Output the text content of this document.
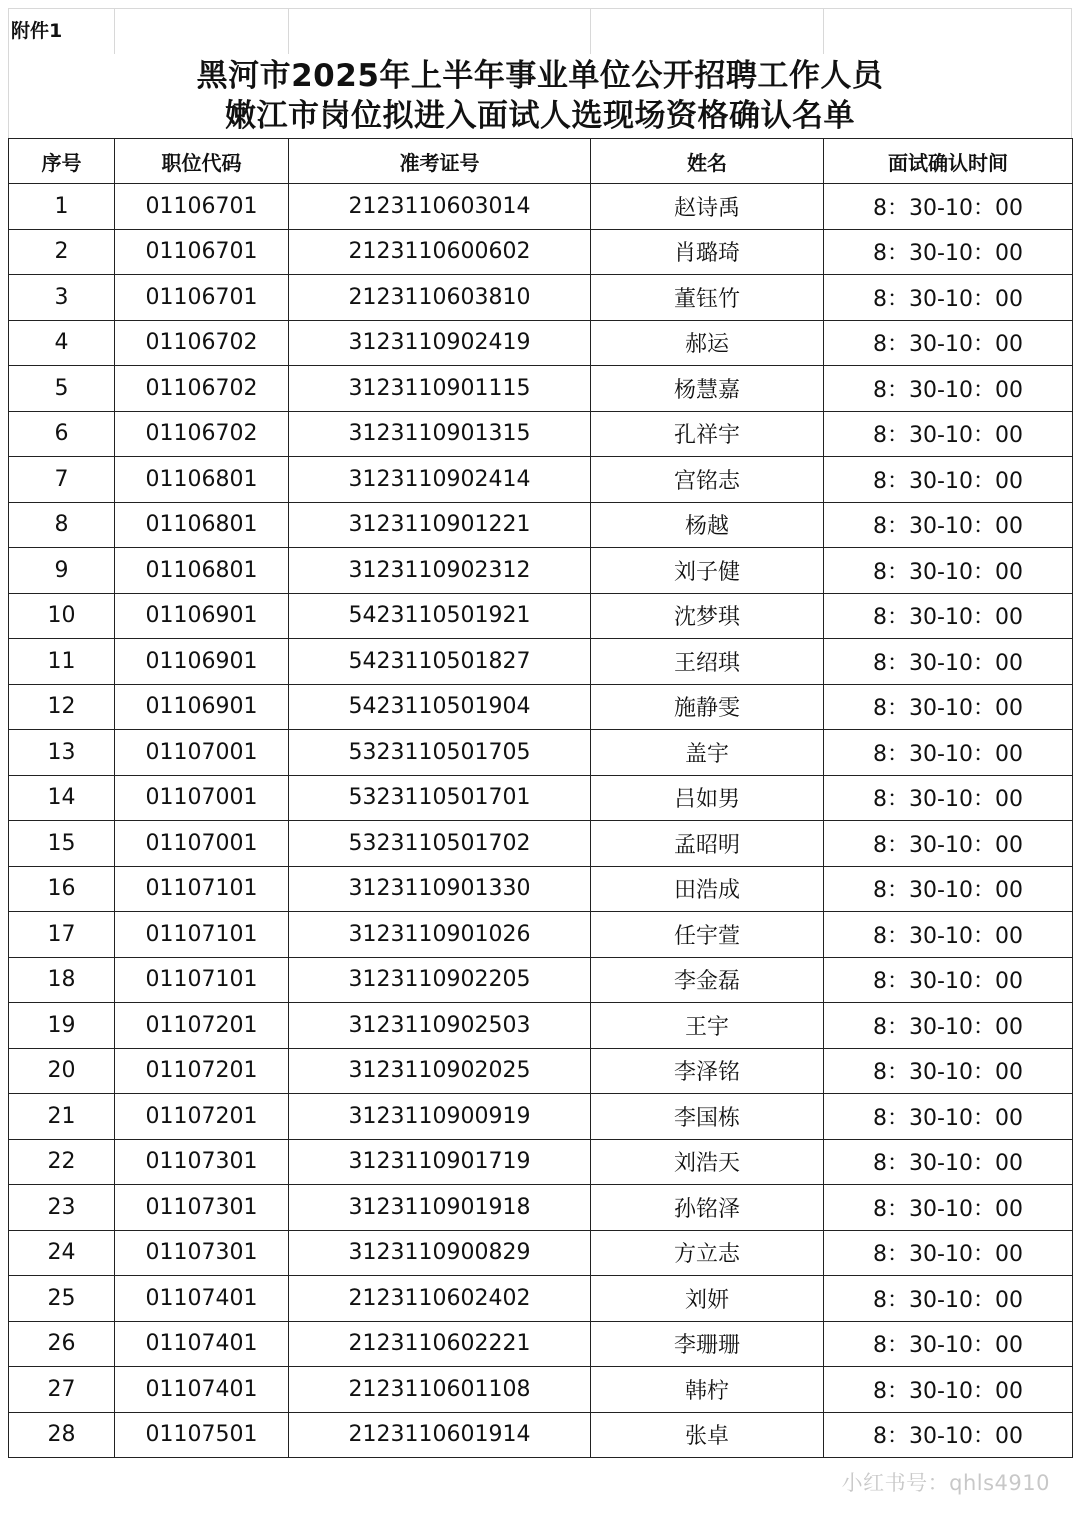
附件1
黑河市2025年上半年事业单位公开招聘工作人员
嫩江市岗位拟进入面试人选现场资格确认名单
序号	职位代码	准考证号	姓名	面试确认时间
1	01106701	2123110603014	赵诗禹	8：30-10：00
2	01106701	2123110600602	肖璐琦	8：30-10：00
3	01106701	2123110603810	董钰竹	8：30-10：00
4	01106702	3123110902419	郝运	8：30-10：00
5	01106702	3123110901115	杨慧嘉	8：30-10：00
6	01106702	3123110901315	孔祥宇	8：30-10：00
7	01106801	3123110902414	宫铭志	8：30-10：00
8	01106801	3123110901221	杨越	8：30-10：00
9	01106801	3123110902312	刘子健	8：30-10：00
10	01106901	5423110501921	沈梦琪	8：30-10：00
11	01106901	5423110501827	王绍琪	8：30-10：00
12	01106901	5423110501904	施静雯	8：30-10：00
13	01107001	5323110501705	盖宇	8：30-10：00
14	01107001	5323110501701	吕如男	8：30-10：00
15	01107001	5323110501702	孟昭明	8：30-10：00
16	01107101	3123110901330	田浩成	8：30-10：00
17	01107101	3123110901026	任宇萱	8：30-10：00
18	01107101	3123110902205	李金磊	8：30-10：00
19	01107201	3123110902503	王宇	8：30-10：00
20	01107201	3123110902025	李泽铭	8：30-10：00
21	01107201	3123110900919	李国栋	8：30-10：00
22	01107301	3123110901719	刘浩天	8：30-10：00
23	01107301	3123110901918	孙铭泽	8：30-10：00
24	01107301	3123110900829	方立志	8：30-10：00
25	01107401	2123110602402	刘妍	8：30-10：00
26	01107401	2123110602221	李珊珊	8：30-10：00
27	01107401	2123110601108	韩柠	8：30-10：00
28	01107501	2123110601914	张卓	8：30-10：00
小红书号：qhls4910
